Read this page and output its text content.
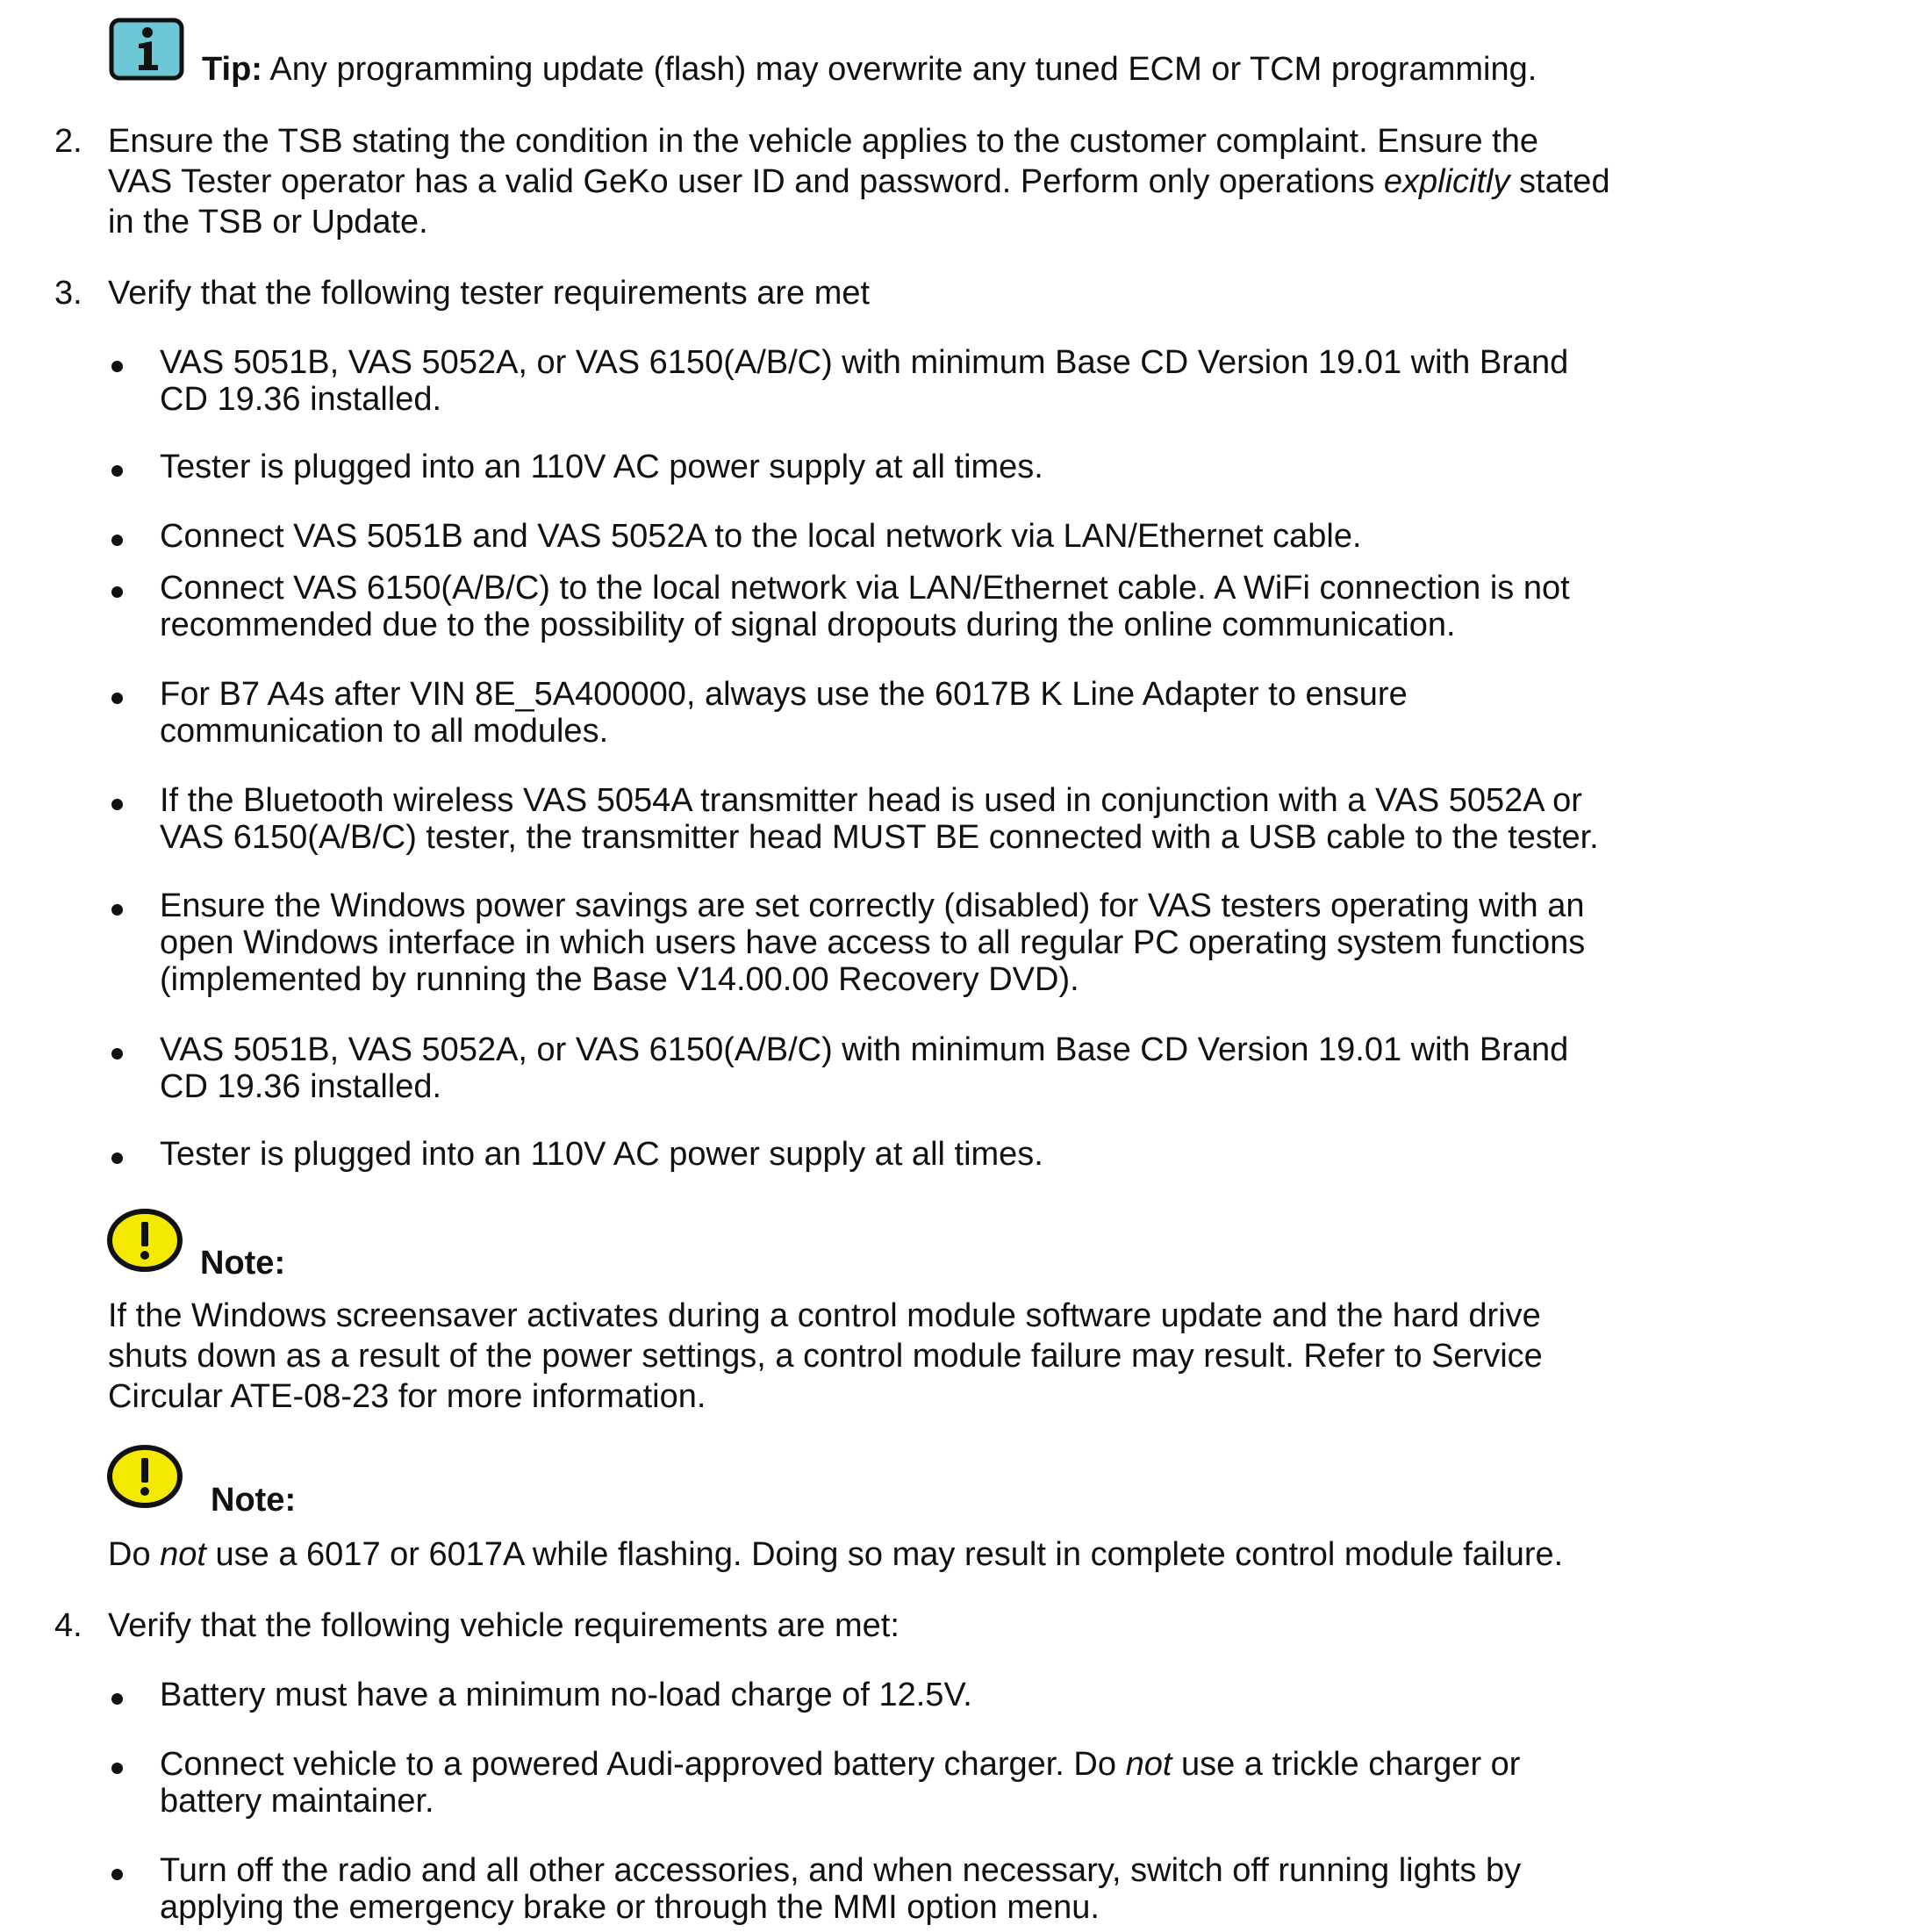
Tip: Any programming update (flash) may overwrite any tuned ECM or TCM programming.
2. Ensure the TSB stating the condition in the vehicle applies to the customer complaint. Ensure the
VAS Tester operator has a valid GeKo user ID and password. Perform only operations explicitly stated
in the TSB or Update.
3. Verify that the following tester requirements are met
VAS 5051B, VAS 5052A, or VAS 6150(A/B/C) with minimum Base CD Version 19.01 with Brand
CD 19.36 installed.
Tester is plugged into an 110V AC power supply at all times.
Connect VAS 5051B and VAS 5052A to the local network via LAN/Ethernet cable.
Connect VAS 6150(A/B/C) to the local network via LAN/Ethernet cable. A WiFi connection is not
recommended due to the possibility of signal dropouts during the online communication.
For B7 A4s after VIN 8E_5A400000, always use the 6017B K Line Adapter to ensure
communication to all modules.
If the Bluetooth wireless VAS 5054A transmitter head is used in conjunction with a VAS 5052A or
VAS 6150(A/B/C) tester, the transmitter head MUST BE connected with a USB cable to the tester.
Ensure the Windows power savings are set correctly (disabled) for VAS testers operating with an
open Windows interface in which users have access to all regular PC operating system functions
(implemented by running the Base V14.00.00 Recovery DVD).
VAS 5051B, VAS 5052A, or VAS 6150(A/B/C) with minimum Base CD Version 19.01 with Brand
CD 19.36 installed.
Tester is plugged into an 110V AC power supply at all times.
Note:
If the Windows screensaver activates during a control module software update and the hard drive
shuts down as a result of the power settings, a control module failure may result. Refer to Service
Circular ATE-08-23 for more information.
Note:
Do not use a 6017 or 6017A while flashing. Doing so may result in complete control module failure.
4. Verify that the following vehicle requirements are met:
Battery must have a minimum no-load charge of 12.5V.
Connect vehicle to a powered Audi-approved battery charger. Do not use a trickle charger or
battery maintainer.
Turn off the radio and all other accessories, and when necessary, switch off running lights by
applying the emergency brake or through the MMI option menu.
